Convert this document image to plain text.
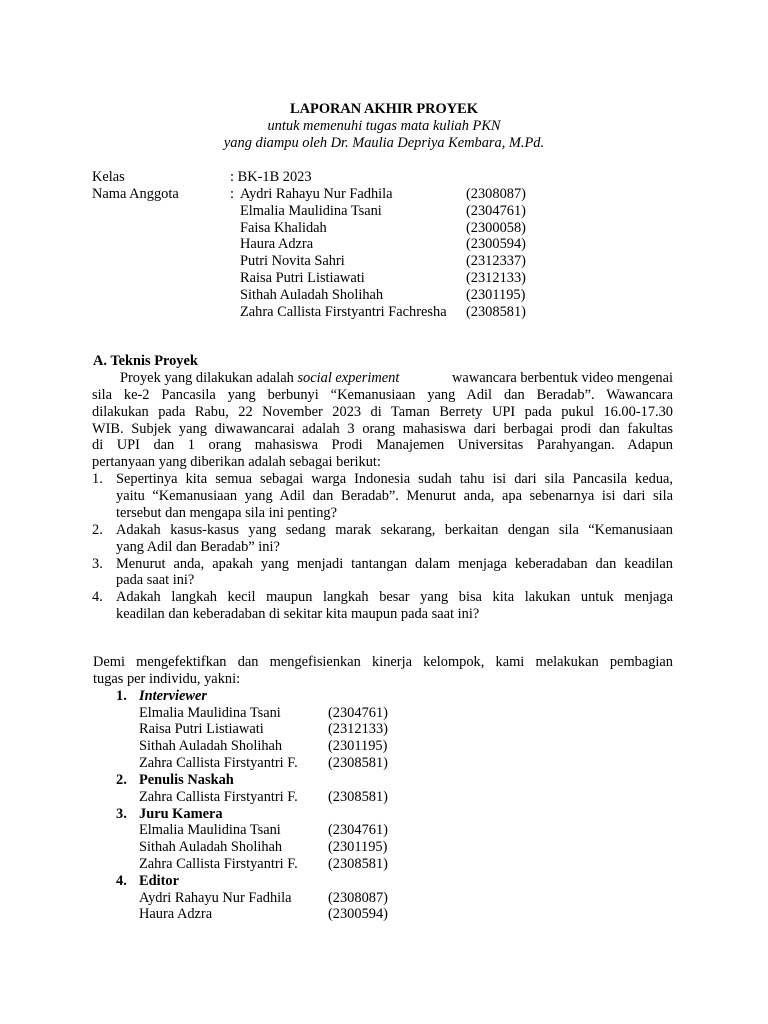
LAPORAN AKHIR PROYEK
untuk memenuhi tugas mata kuliah PKN
yang diampu oleh Dr. Maulia Depriya Kembara, M.Pd.
Kelas	: BK-1B 2023
Nama Anggota	: Aydri Rahayu Nur Fadhila	(2308087)
Elmalia Maulidina Tsani	(2304761)
Faisa Khalidah	(2300058)
Haura Adzra	(2300594)
Putri Novita Sahri	(2312337)
Raisa Putri Listiawati	(2312133)
Sithah Auladah Sholihah	(2301195)
Zahra Callista Firstyantri Fachresha (2308581)
A. Teknis Proyek
Proyek yang dilakukan adalah social experiment	wawancara berbentuk video mengenai
sila ke-2 Pancasila yang berbunyi “Kemanusiaan yang Adil dan Beradab”. Wawancara
dilakukan pada Rabu, 22 November 2023 di Taman Berrety UPI pada pukul 16.00-17.30
WIB. Subjek yang diwawancarai adalah 3 orang mahasiswa dari berbagai prodi dan fakultas
di UPI dan 1 orang mahasiswa Prodi Manajemen Universitas Parahyangan. Adapun
pertanyaan yang diberikan adalah sebagai berikut:
1. Sepertinya kita semua sebagai warga Indonesia sudah tahu isi dari sila Pancasila kedua,
yaitu “Kemanusiaan yang Adil dan Beradab”. Menurut anda, apa sebenarnya isi dari sila
tersebut dan mengapa sila ini penting?
2. Adakah kasus-kasus yang sedang marak sekarang, berkaitan dengan sila “Kemanusiaan
yang Adil dan Beradab” ini?
3. Menurut anda, apakah yang menjadi tantangan dalam menjaga keberadaban dan keadilan
pada saat ini?
4. Adakah langkah kecil maupun langkah besar yang bisa kita lakukan untuk menjaga
keadilan dan keberadaban di sekitar kita maupun pada saat ini?
Demi mengefektifkan dan mengefisienkan kinerja kelompok, kami melakukan pembagian
tugas per individu, yakni:
1. Interviewer
Elmalia Maulidina Tsani	(2304761)
Raisa Putri Listiawati	(2312133)
Sithah Auladah Sholihah	(2301195)
Zahra Callista Firstyantri F. (2308581)
2. Penulis Naskah
Zahra Callista Firstyantri F. (2308581)
3. Juru Kamera
Elmalia Maulidina Tsani	(2304761)
Sithah Auladah Sholihah	(2301195)
Zahra Callista Firstyantri F. (2308581)
4. Editor
Aydri Rahayu Nur Fadhila	(2308087)
Haura Adzra	(2300594)
